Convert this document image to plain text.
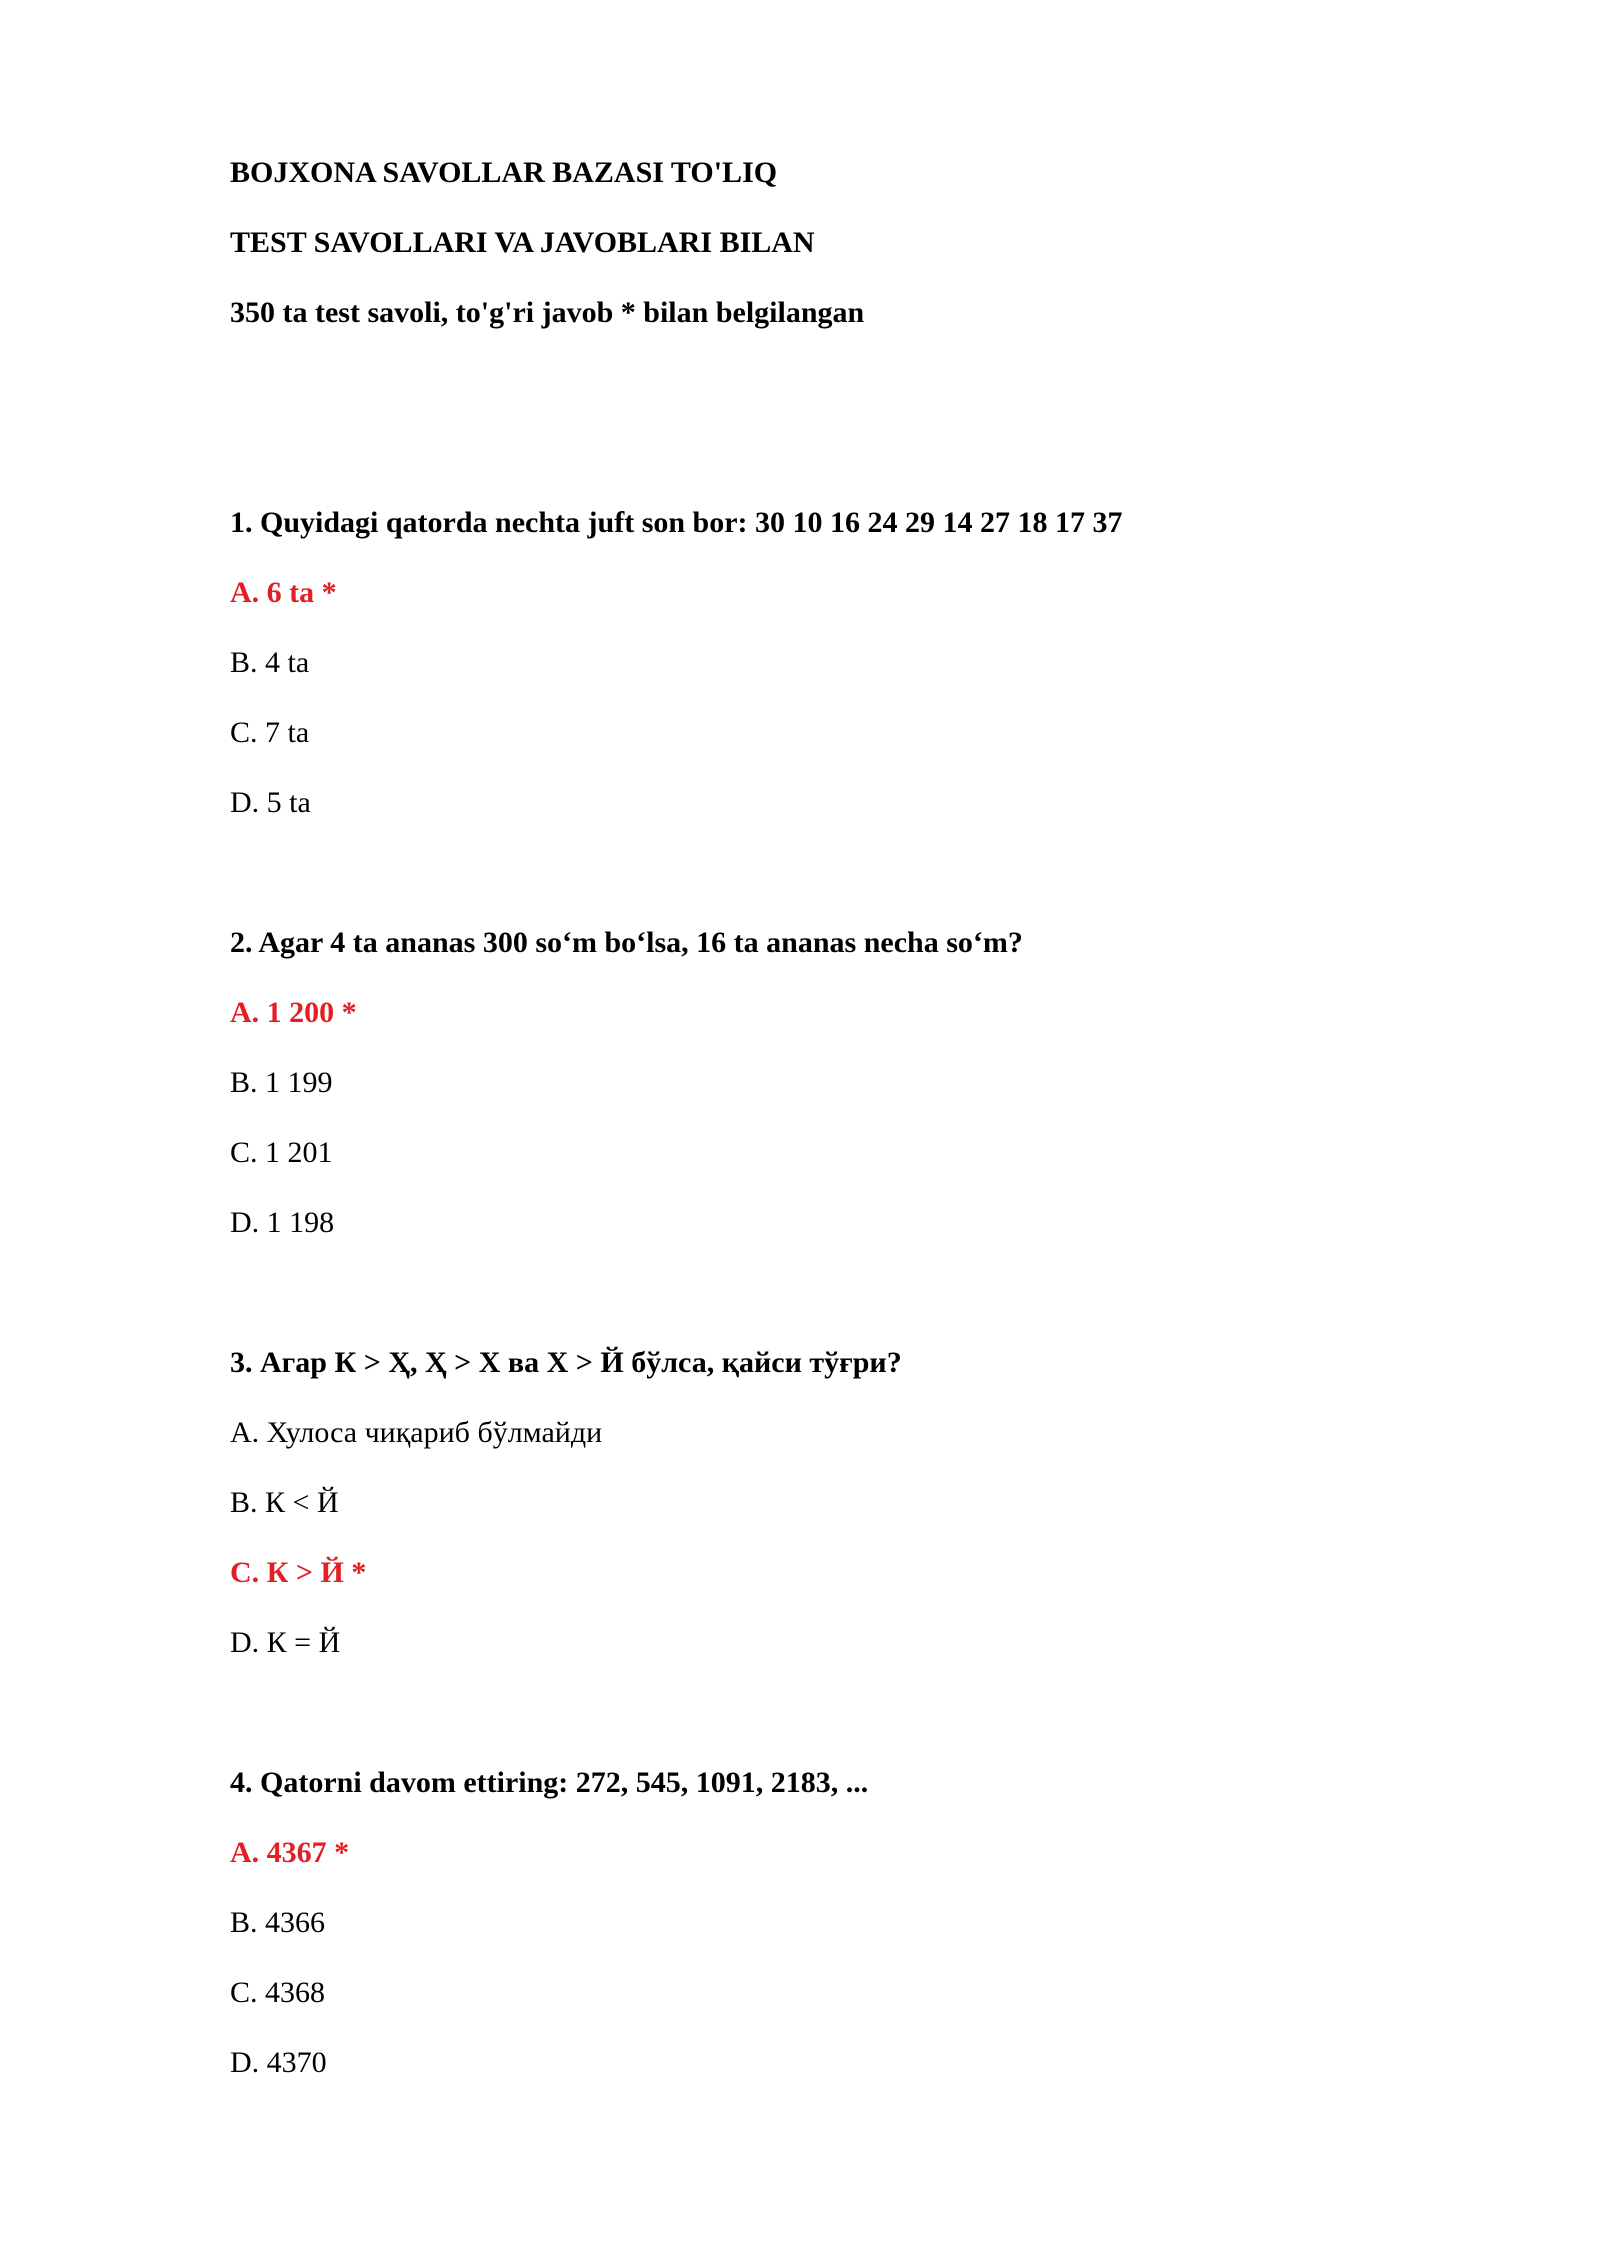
BOJXONA SAVOLLAR BAZASI TO'LIQ

TEST SAVOLLARI VA JAVOBLARI BILAN

350 ta test savoli, to'g'ri javob * bilan belgilangan

1. Quyidagi qatorda nechta juft son bor: 30 10 16 24 29 14 27 18 17 37

A. 6 ta *

B. 4 ta

C. 7 ta

D. 5 ta

2. Agar 4 ta ananas 300 so‘m bo‘lsa, 16 ta ananas necha so‘m?

A. 1 200 *

B. 1 199

C. 1 201

D. 1 198

3. Агар К > Ҳ, Ҳ > Х ва Х > Й бўлса, қайси тўғри?

A. Хулоса чиқариб бўлмайди

B. К < Й

C. К > Й *

D. К = Й

4. Qatorni davom ettiring: 272, 545, 1091, 2183, ...

A. 4367 *

B. 4366

C. 4368

D. 4370
